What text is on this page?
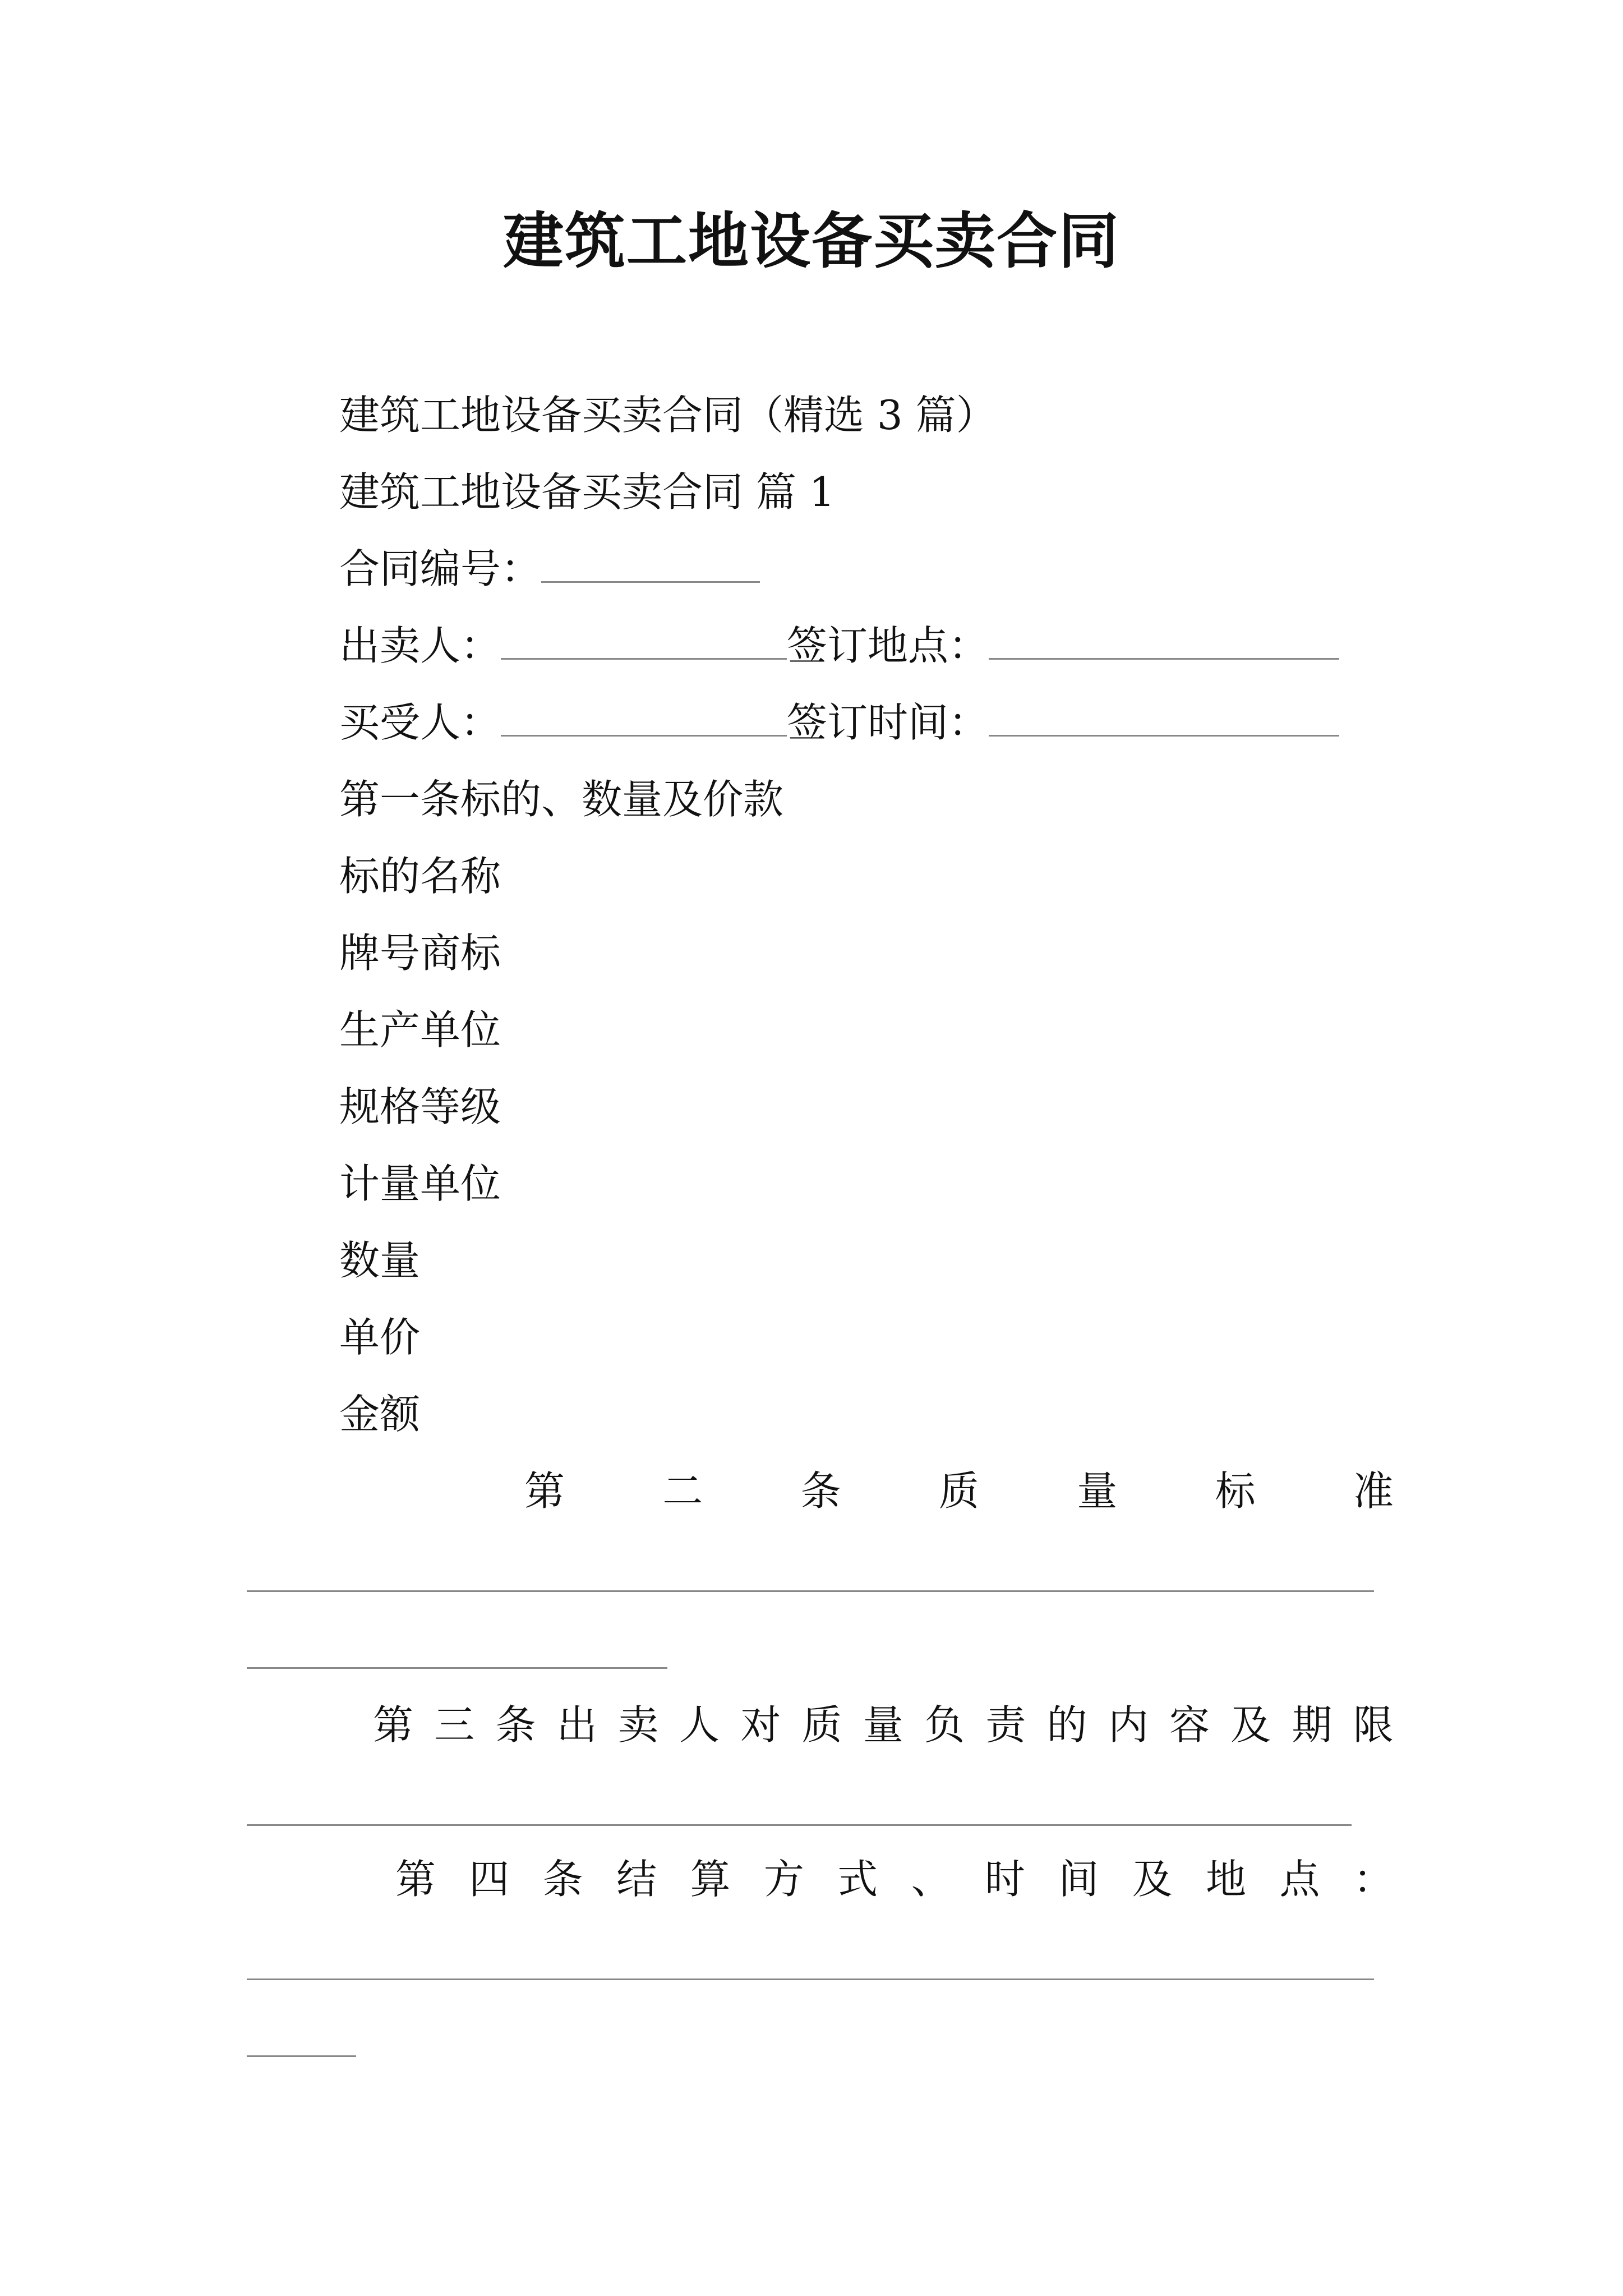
建筑工地设备买卖合同
建筑工地设备买卖合同（精选 3 篇）
建筑工地设备买卖合同 篇 1
合同编号：
出卖人：	签订地点：
买受人：	签订时间：
第一条标的、数量及价款
标的名称
牌号商标
生产单位
规格等级
计量单位
数量
单价
金额
第 二 条 质 量 标 准
第 三 条 出 卖 人 对 质 量 负 责 的 内 容 及 期 限
第 四 条 结 算 方 式 、 时 间 及 地 点 ：
